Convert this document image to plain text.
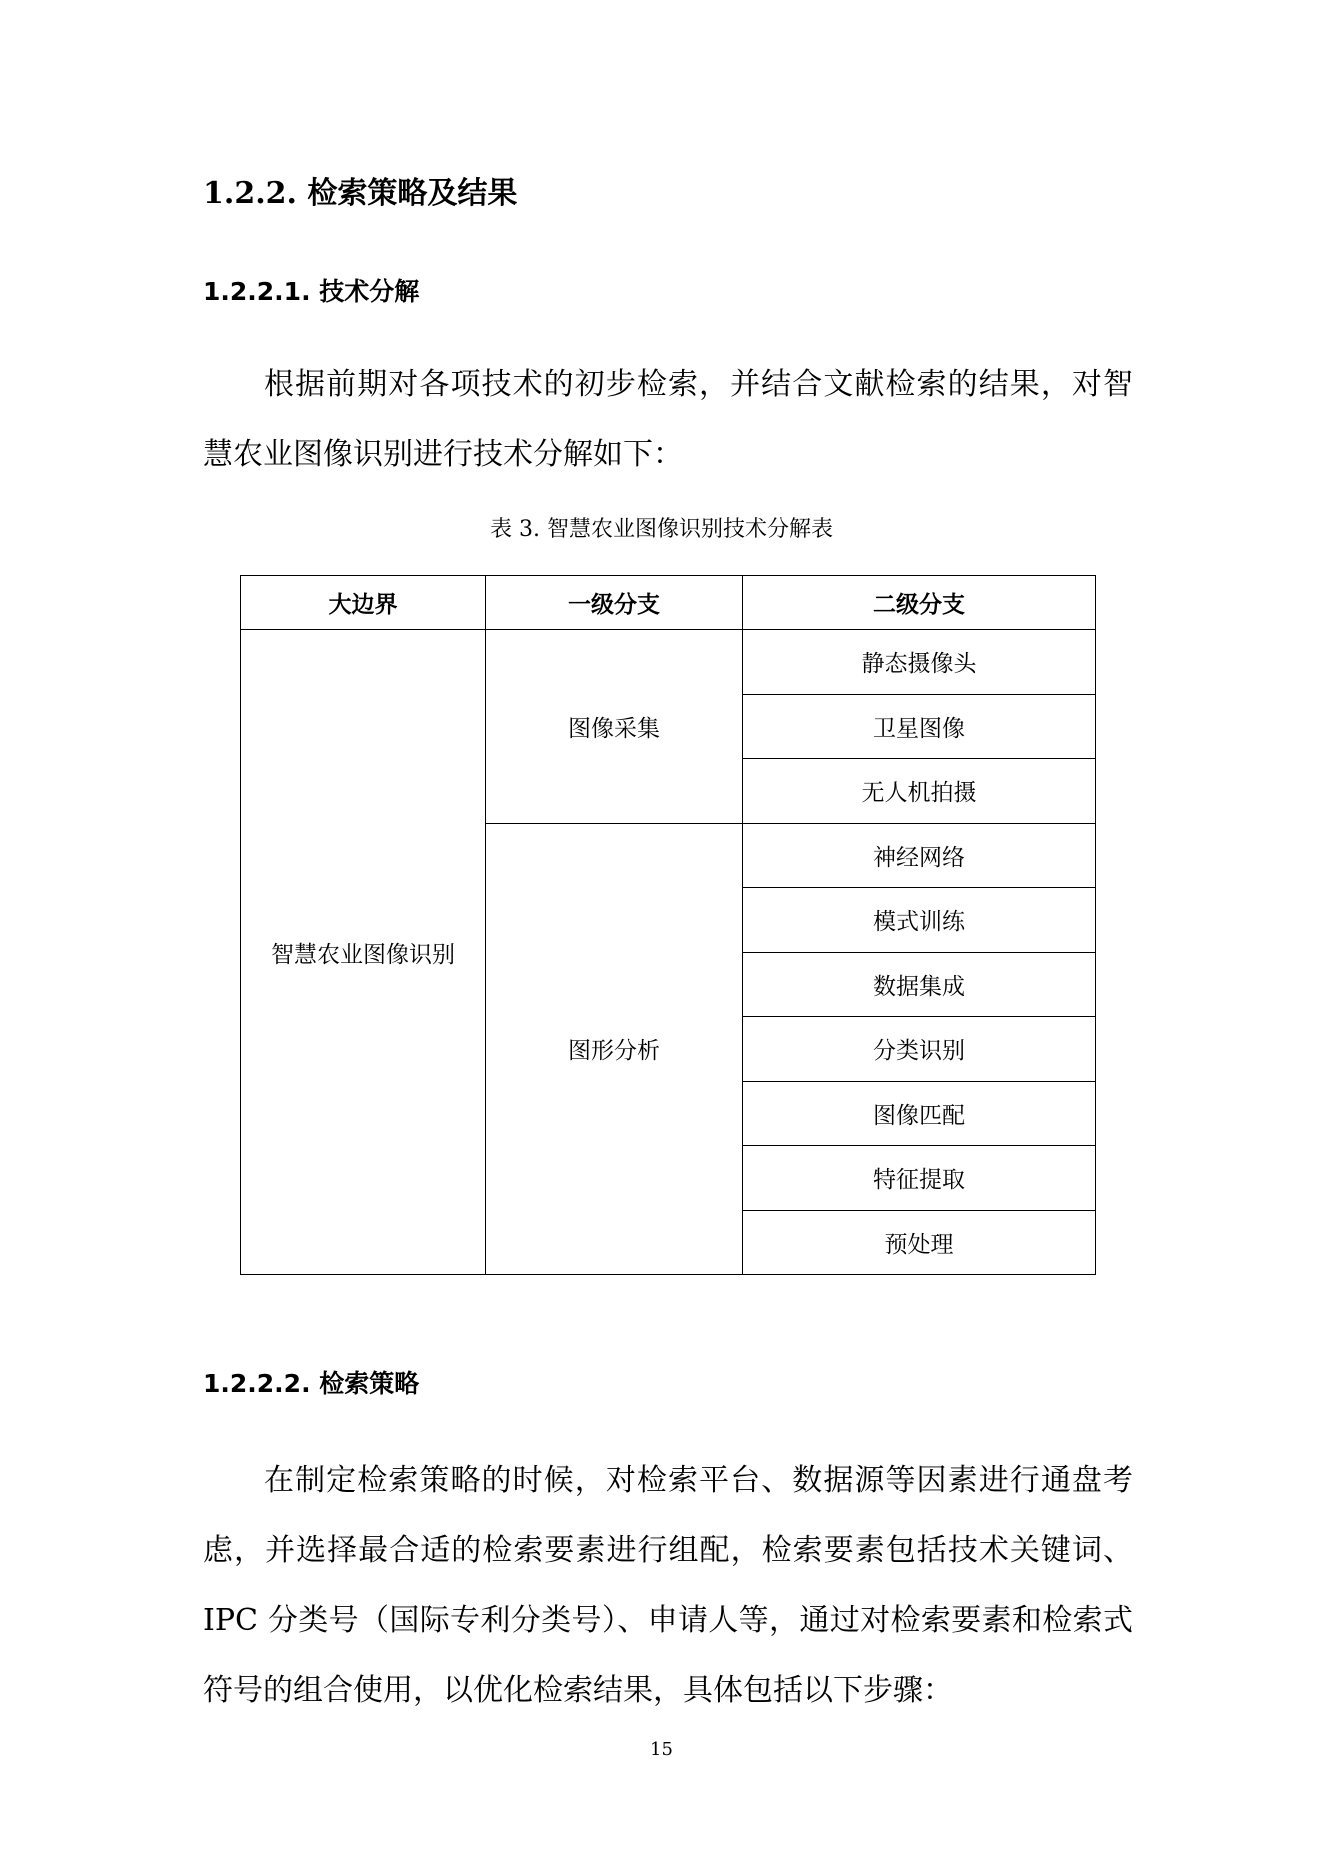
1.2.2. 检索策略及结果
1.2.2.1. 技术分解

根据前期对各项技术的初步检索，并结合文献检索的结果，对智慧农业图像识别进行技术分解如下：

表 3. 智慧农业图像识别技术分解表
大边界	一级分支	二级分支
智慧农业图像识别	图像采集	静态摄像头
		卫星图像
		无人机拍摄
	图形分析	神经网络
		模式训练
		数据集成
		分类识别
		图像匹配
		特征提取
		预处理
1.2.2.2. 检索策略

在制定检索策略的时候，对检索平台、数据源等因素进行通盘考虑，并选择最合适的检索要素进行组配，检索要素包括技术关键词、IPC 分类号（国际专利分类号）、申请人等，通过对检索要素和检索式符号的组合使用，以优化检索结果，具体包括以下步骤：

15
